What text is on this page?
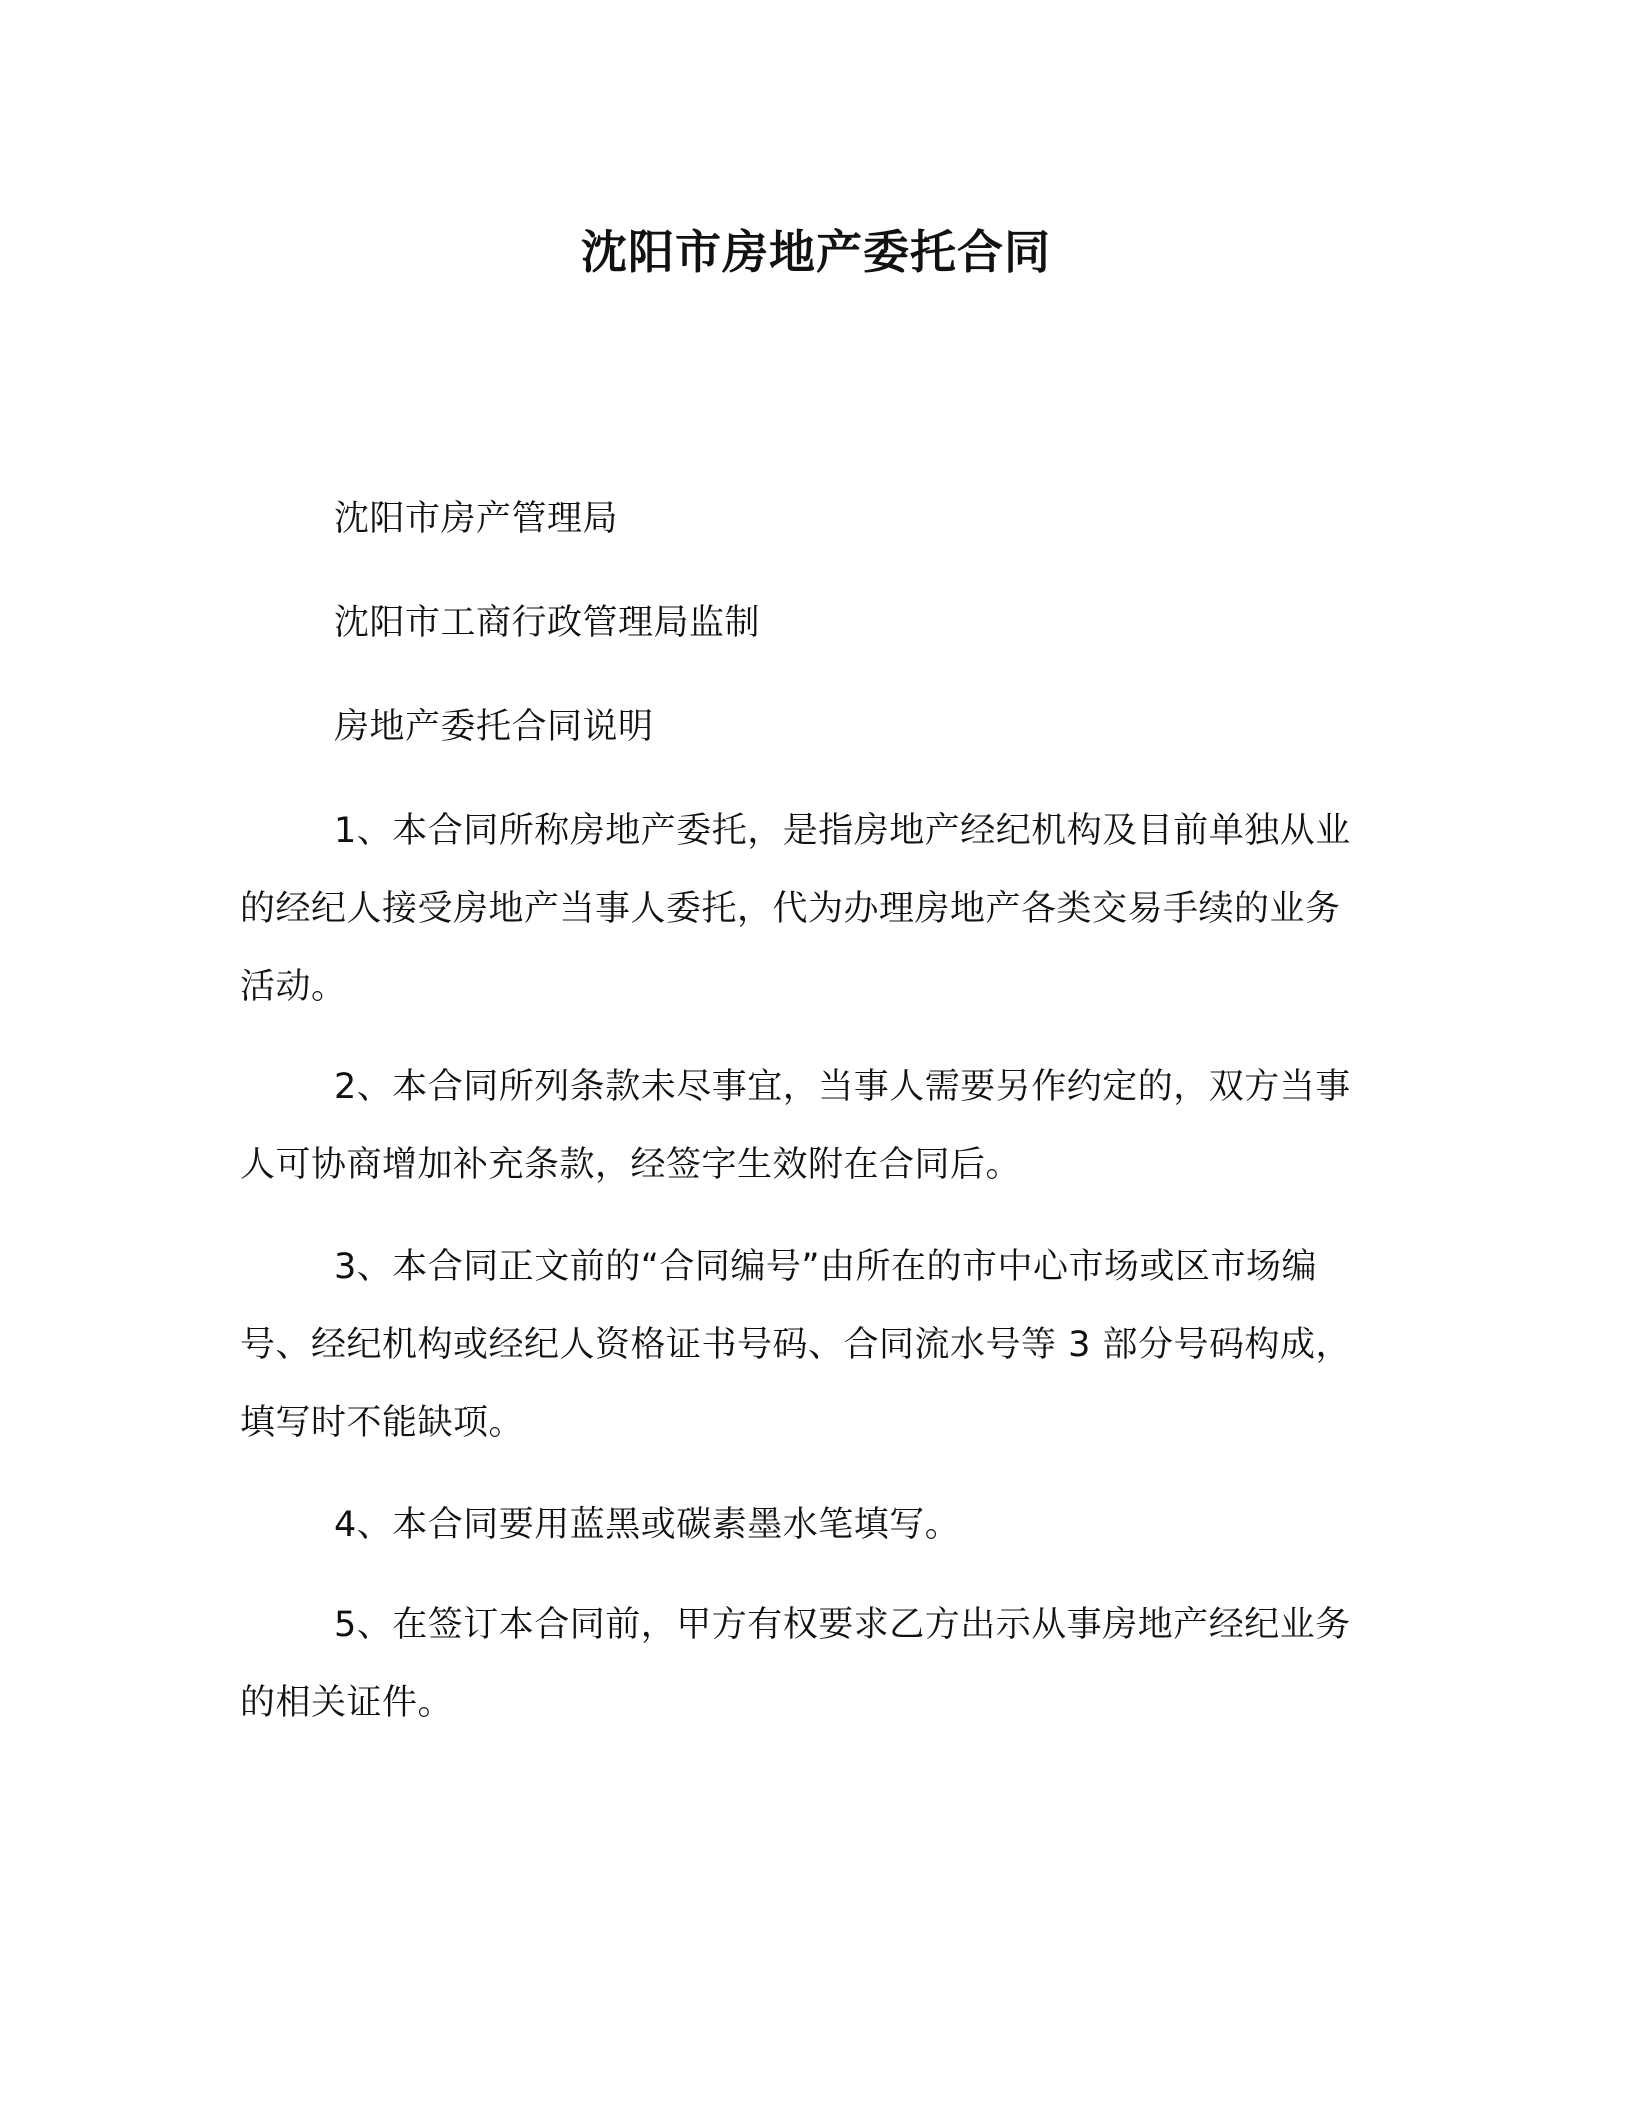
沈阳市房地产委托合同
沈阳市房产管理局
沈阳市工商行政管理局监制
房地产委托合同说明

1、本合同所称房地产委托，是指房地产经纪机构及目前单独从业的经纪人接受房地产当事人委托，代为办理房地产各类交易手续的业务活动。

2、本合同所列条款未尽事宜，当事人需要另作约定的，双方当事人可协商增加补充条款，经签字生效附在合同后。

3、本合同正文前的“合同编号”由所在的市中心市场或区市场编号、经纪机构或经纪人资格证书号码、合同流水号等 3 部分号码构成，填写时不能缺项。

4、本合同要用蓝黑或碳素墨水笔填写。

5、在签订本合同前，甲方有权要求乙方出示从事房地产经纪业务的相关证件。
